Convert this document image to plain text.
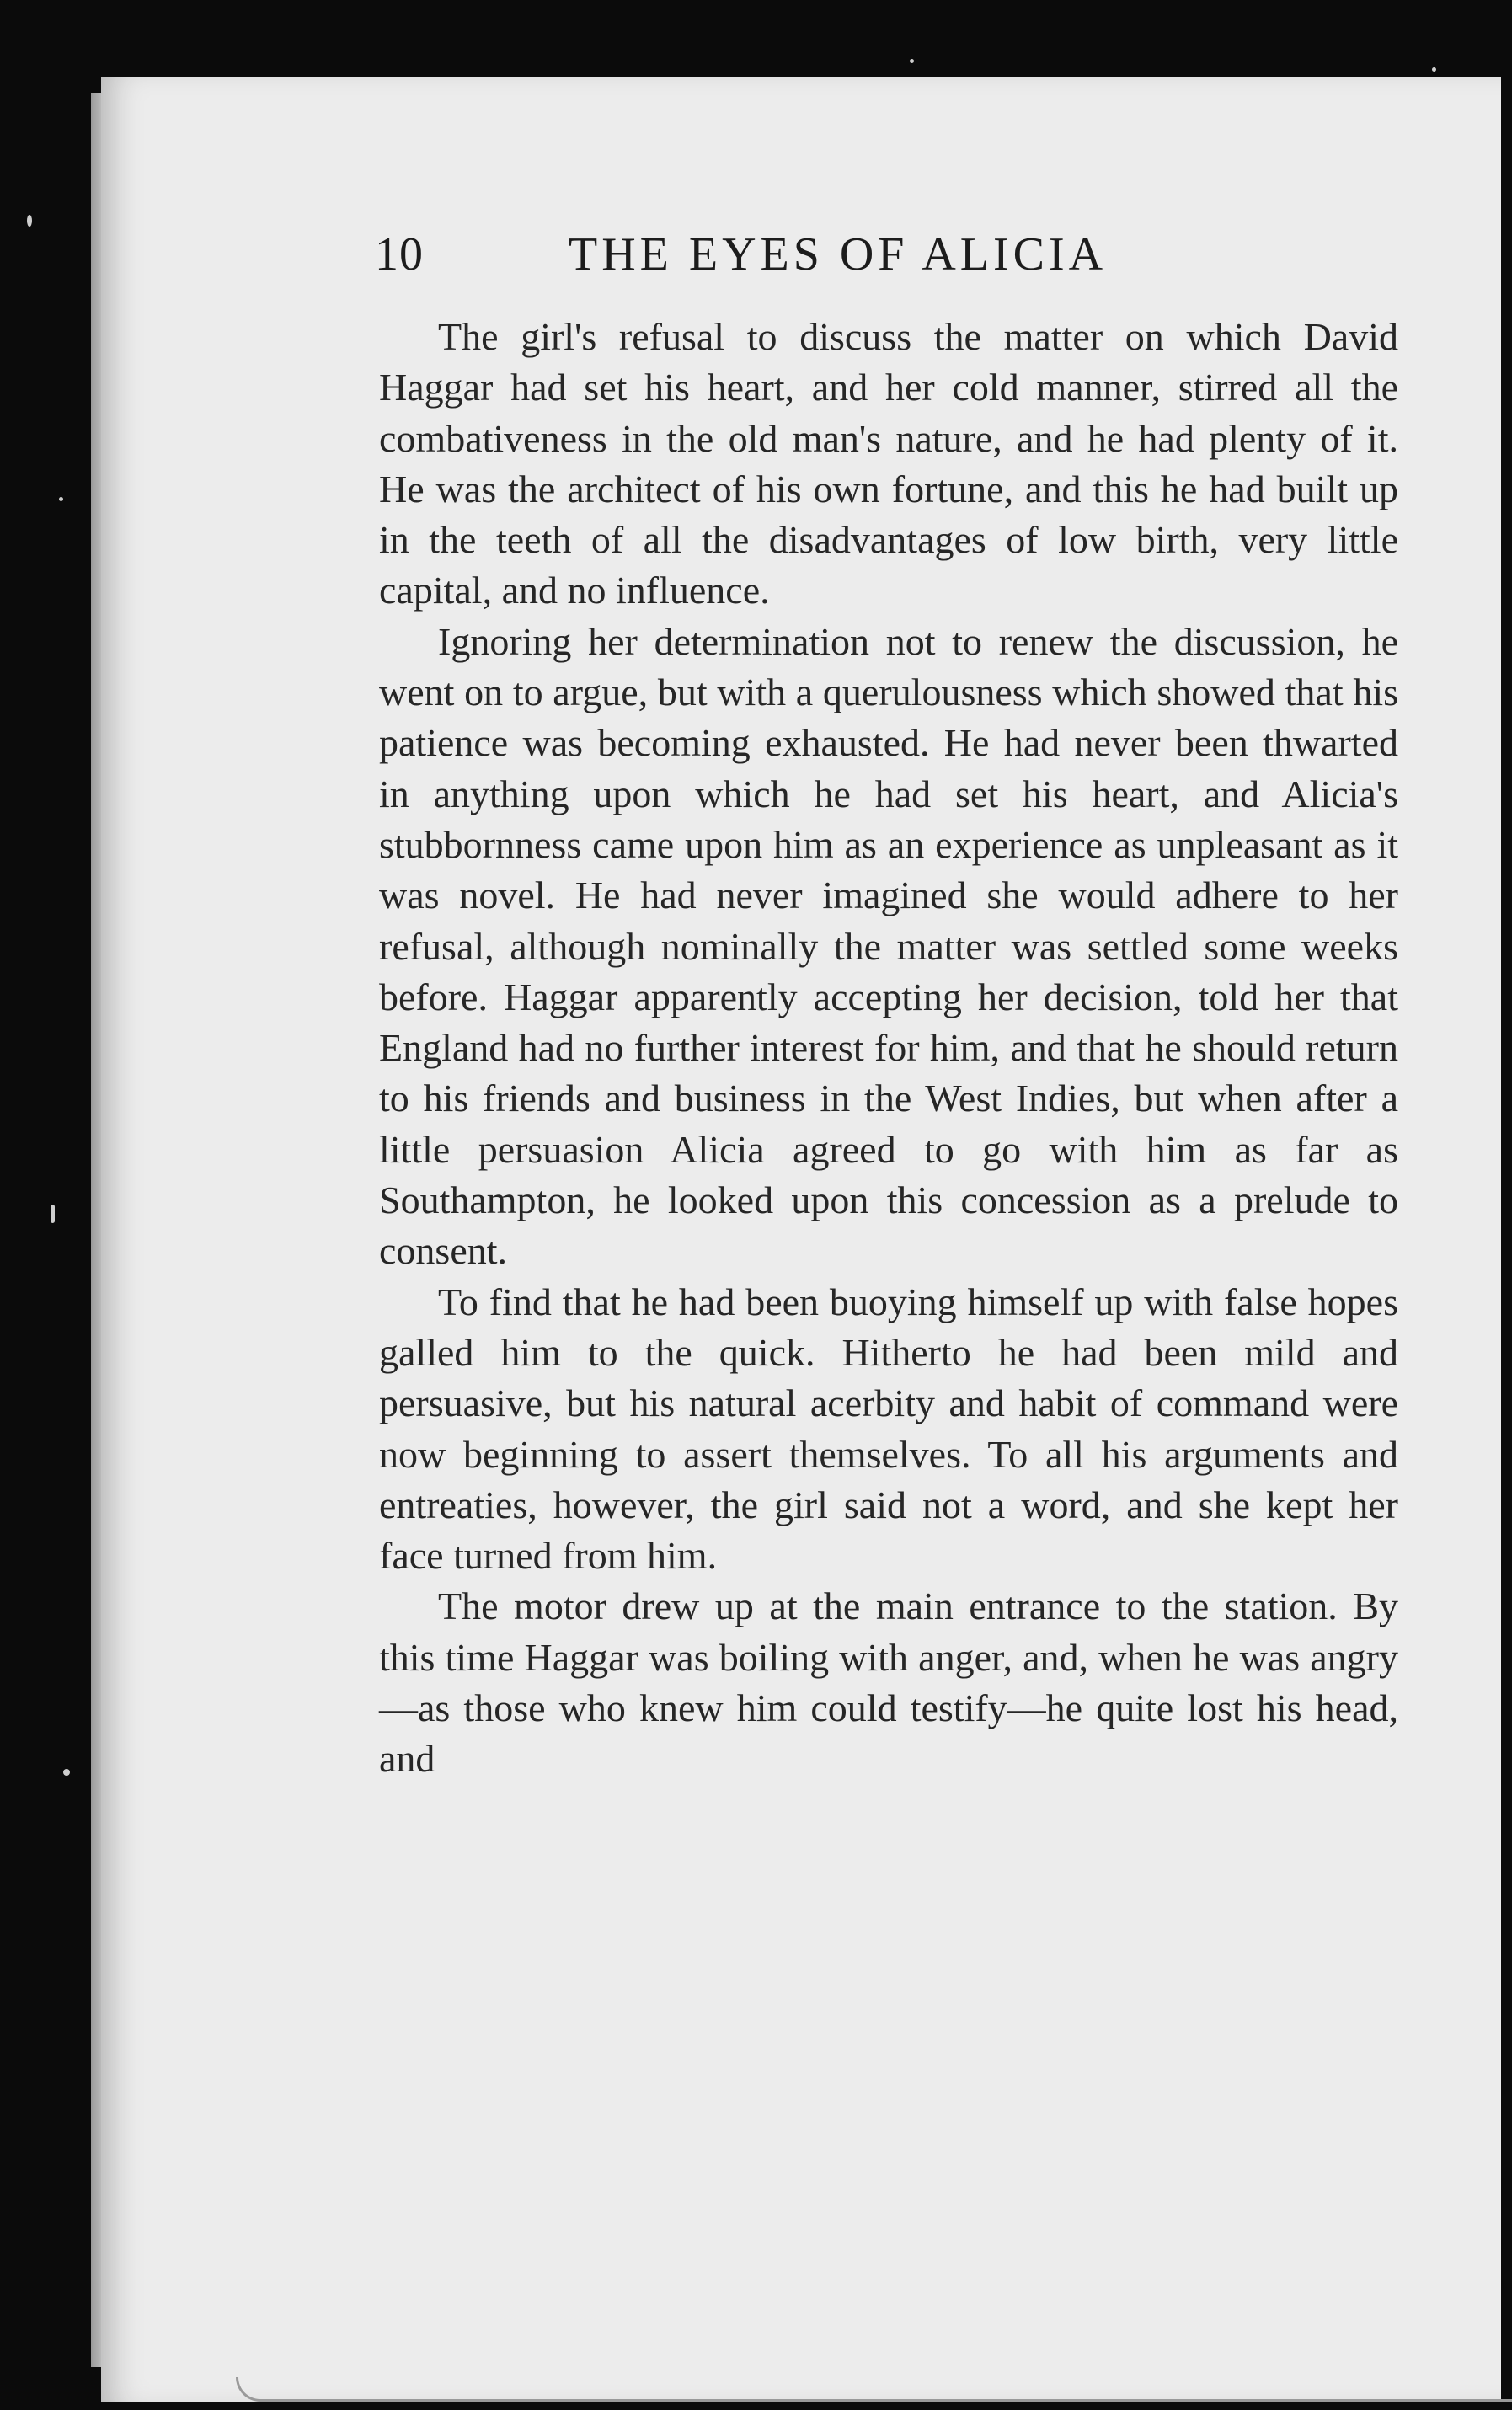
10	THE EYES OF ALICIA

The girl's refusal to discuss the matter on which David Haggar had set his heart, and her cold manner, stirred all the combativeness in the old man's nature, and he had plenty of it. He was the architect of his own fortune, and this he had built up in the teeth of all the disadvantages of low birth, very little capital, and no influence.

Ignoring her determination not to renew the discussion, he went on to argue, but with a querulousness which showed that his patience was becoming exhausted. He had never been thwarted in anything upon which he had set his heart, and Alicia's stubbornness came upon him as an experience as unpleasant as it was novel. He had never imagined she would adhere to her refusal, although nominally the matter was settled some weeks before. Haggar apparently accepting her decision, told her that England had no further interest for him, and that he should return to his friends and business in the West Indies, but when after a little persuasion Alicia agreed to go with him as far as Southampton, he looked upon this concession as a prelude to consent.

To find that he had been buoying himself up with false hopes galled him to the quick. Hitherto he had been mild and persuasive, but his natural acerbity and habit of command were now beginning to assert themselves. To all his arguments and entreaties, however, the girl said not a word, and she kept her face turned from him.

The motor drew up at the main entrance to the station. By this time Haggar was boiling with anger, and, when he was angry—as those who knew him could testify—he quite lost his head, and
